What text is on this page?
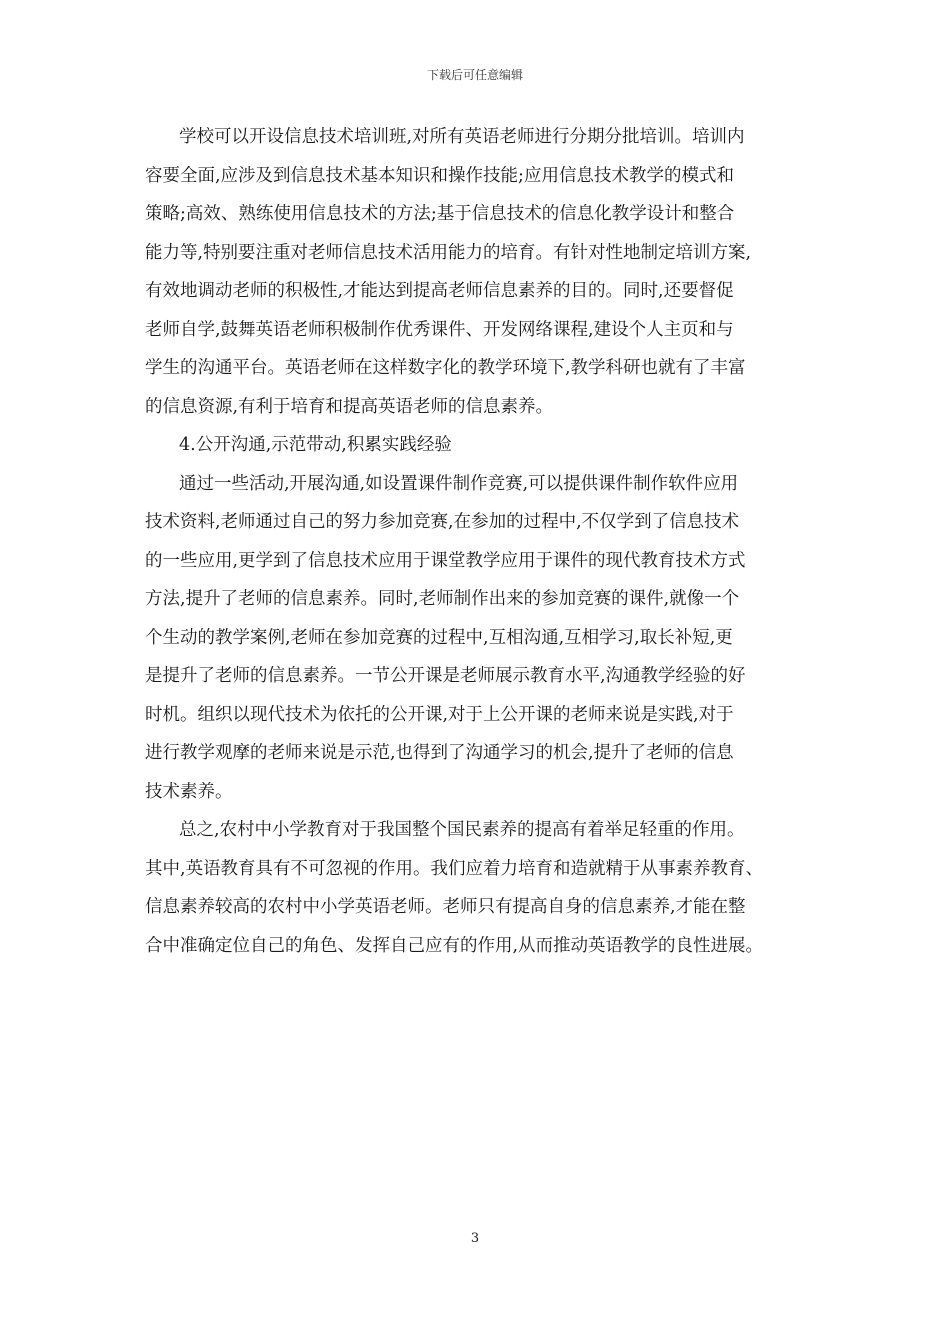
下载后可任意编辑
学校可以开设信息技术培训班,对所有英语老师进行分期分批培训。培训内
容要全面,应涉及到信息技术基本知识和操作技能;应用信息技术教学的模式和
策略;高效、熟练使用信息技术的方法;基于信息技术的信息化教学设计和整合
能力等,特别要注重对老师信息技术活用能力的培育。有针对性地制定培训方案,
有效地调动老师的积极性,才能达到提高老师信息素养的目的。同时,还要督促
老师自学,鼓舞英语老师积极制作优秀课件、开发网络课程,建设个人主页和与
学生的沟通平台。英语老师在这样数字化的教学环境下,教学科研也就有了丰富
的信息资源,有利于培育和提高英语老师的信息素养。
4.公开沟通,示范带动,积累实践经验
通过一些活动,开展沟通,如设置课件制作竞赛,可以提供课件制作软件应用
技术资料,老师通过自己的努力参加竞赛,在参加的过程中,不仅学到了信息技术
的一些应用,更学到了信息技术应用于课堂教学应用于课件的现代教育技术方式
方法,提升了老师的信息素养。同时,老师制作出来的参加竞赛的课件,就像一个
个生动的教学案例,老师在参加竞赛的过程中,互相沟通,互相学习,取长补短,更
是提升了老师的信息素养。一节公开课是老师展示教育水平,沟通教学经验的好
时机。组织以现代技术为依托的公开课,对于上公开课的老师来说是实践,对于
进行教学观摩的老师来说是示范,也得到了沟通学习的机会,提升了老师的信息
技术素养。
总之,农村中小学教育对于我国整个国民素养的提高有着举足轻重的作用。
其中,英语教育具有不可忽视的作用。我们应着力培育和造就精于从事素养教育、
信息素养较高的农村中小学英语老师。老师只有提高自身的信息素养,才能在整
合中准确定位自己的角色、发挥自己应有的作用,从而推动英语教学的良性进展。
3
